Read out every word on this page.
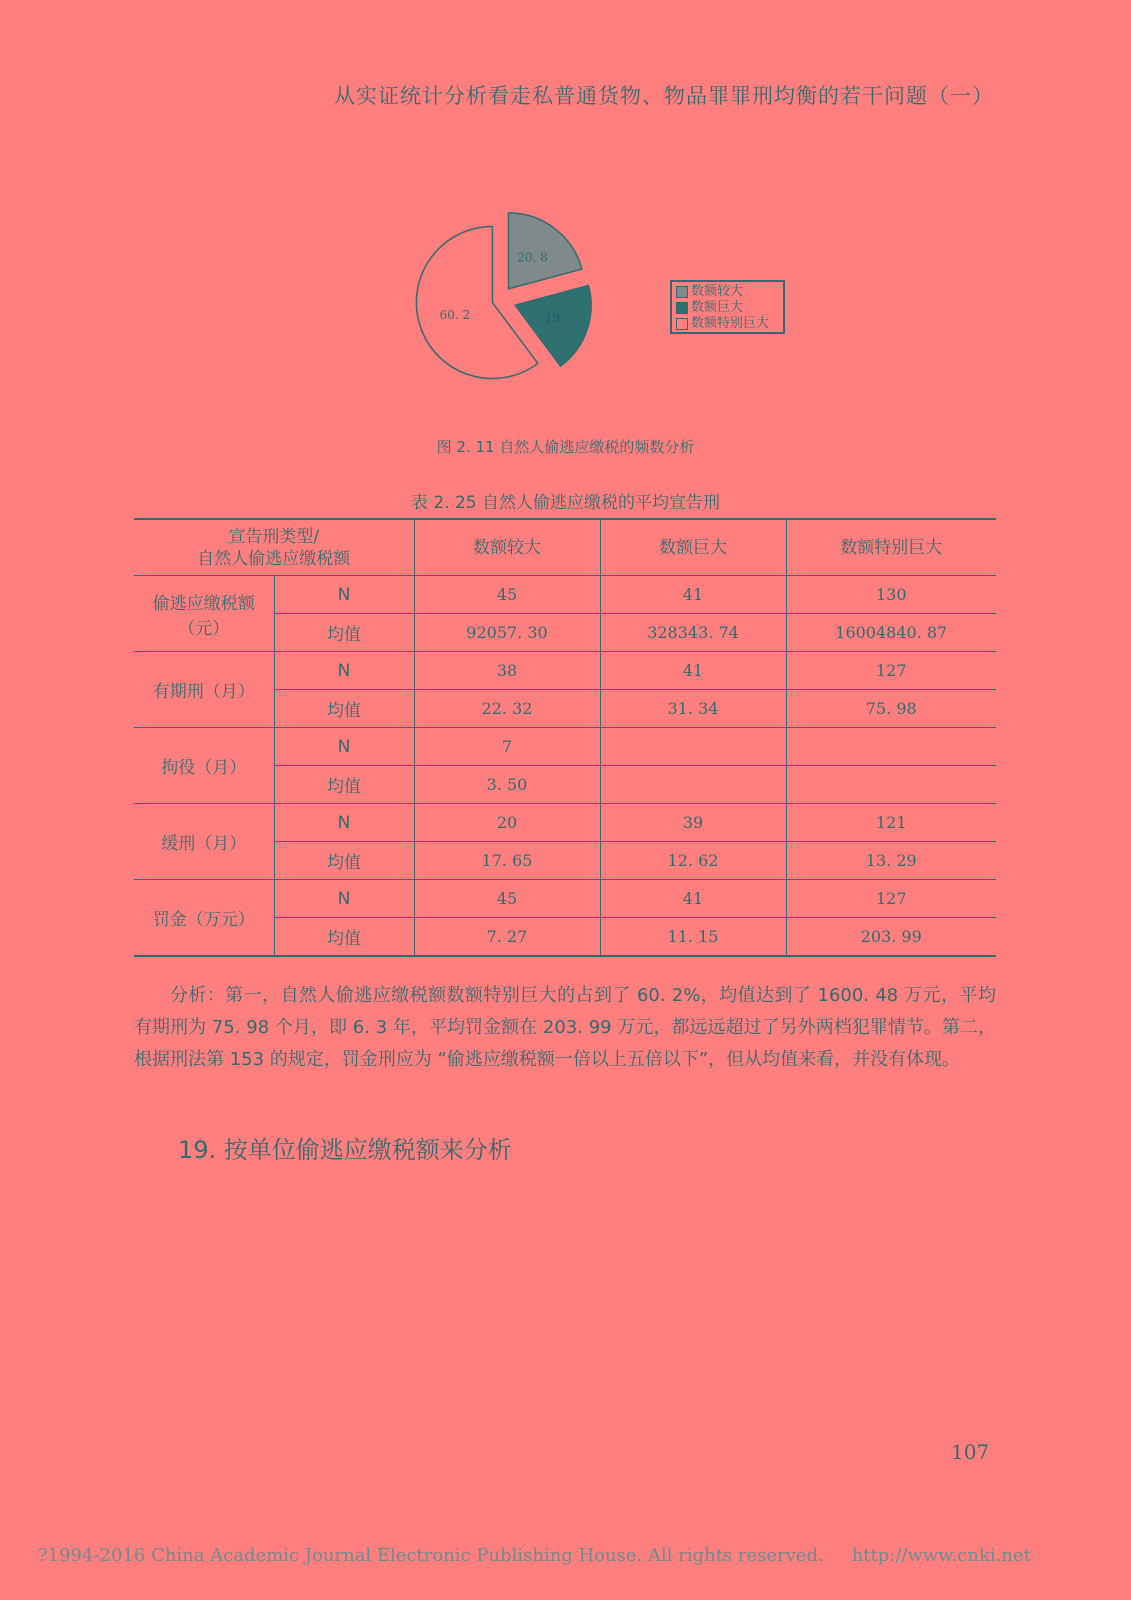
从实证统计分析看走私普通货物、物品罪罪刑均衡的若干问题（一）
20. 8
19
60. 2
数额较大
数额巨大
数额特别巨大
图 2. 11 自然人偷逃应缴税的频数分析
表 2. 25 自然人偷逃应缴税的平均宣告刑
宣告刑类型/
自然人偷逃应缴税额		数额较大	数额巨大	数额特别巨大
偷逃应缴税额
（元）	N	45	41	130
	均值	92057. 30	328343. 74	16004840. 87
有期刑（月）	N	38	41	127
	均值	22. 32	31. 34	75. 98
拘役（月）	N	7		
	均值	3. 50		
缓刑（月）	N	20	39	121
	均值	17. 65	12. 62	13. 29
罚金（万元）	N	45	41	127
	均值	7. 27	11. 15	203. 99
分析：第一，自然人偷逃应缴税额数额特别巨大的占到了 60. 2%，均值达到了 1600. 48 万元，平均有期刑为 75. 98 个月，即 6. 3 年，平均罚金额在 203. 99 万元，都远远超过了另外两档犯罪情节。第二，根据刑法第 153 的规定，罚金刑应为 “偷逃应缴税额一倍以上五倍以下”，但从均值来看，并没有体现。
19. 按单位偷逃应缴税额来分析
107
?1994-2016 China Academic Journal Electronic Publishing House. All rights reserved. http://www.cnki.net
